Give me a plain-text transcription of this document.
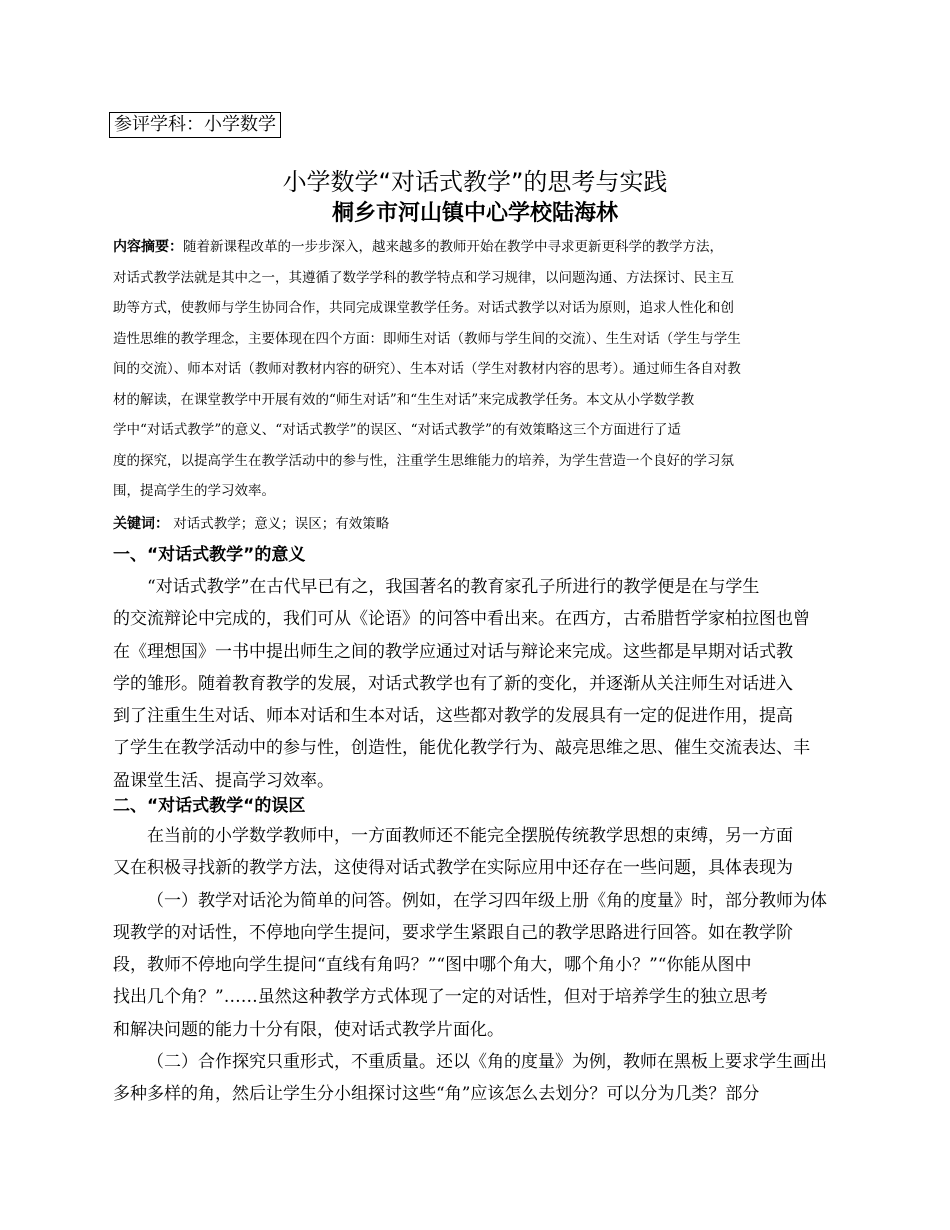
参评学科：小学数学
小学数学“对话式教学”的思考与实践
桐乡市河山镇中心学校陆海林
内容摘要：随着新课程改革的一步步深入，越来越多的教师开始在教学中寻求更新更科学的教学方法，
对话式教学法就是其中之一，其遵循了数学学科的教学特点和学习规律，以问题沟通、方法探讨、民主互
助等方式，使教师与学生协同合作，共同完成课堂教学任务。对话式教学以对话为原则，追求人性化和创
造性思维的教学理念，主要体现在四个方面：即师生对话（教师与学生间的交流）、生生对话（学生与学生
间的交流）、师本对话（教师对教材内容的研究）、生本对话（学生对教材内容的思考）。通过师生各自对教
材的解读，在课堂教学中开展有效的“师生对话”和“生生对话”来完成教学任务。本文从小学数学教
学中“对话式教学”的意义、“对话式教学”的误区、“对话式教学”的有效策略这三个方面进行了适
度的探究，以提高学生在教学活动中的参与性，注重学生思维能力的培养，为学生营造一个良好的学习氛
围，提高学生的学习效率。
关键词： 对话式教学；意义；误区；有效策略
一、“对话式教学”的意义
“对话式教学”在古代早已有之，我国著名的教育家孔子所进行的教学便是在与学生
的交流辩论中完成的，我们可从《论语》的问答中看出来。在西方，古希腊哲学家柏拉图也曾
在《理想国》一书中提出师生之间的教学应通过对话与辩论来完成。这些都是早期对话式教
学的雏形。随着教育教学的发展，对话式教学也有了新的变化，并逐渐从关注师生对话进入
到了注重生生对话、师本对话和生本对话，这些都对教学的发展具有一定的促进作用，提高
了学生在教学活动中的参与性，创造性，能优化教学行为、敲亮思维之思、催生交流表达、丰
盈课堂生活、提高学习效率。
二、“对话式教学“的误区
在当前的小学数学教师中，一方面教师还不能完全摆脱传统教学思想的束缚，另一方面
又在积极寻找新的教学方法，这使得对话式教学在实际应用中还存在一些问题，具体表现为
（一）教学对话沦为简单的问答。例如，在学习四年级上册《角的度量》时，部分教师为体
现教学的对话性，不停地向学生提问，要求学生紧跟自己的教学思路进行回答。如在教学阶
段，教师不停地向学生提问“直线有角吗？”“图中哪个角大，哪个角小？”“你能从图中
找出几个角？”……虽然这种教学方式体现了一定的对话性，但对于培养学生的独立思考
和解决问题的能力十分有限，使对话式教学片面化。
（二）合作探究只重形式，不重质量。还以《角的度量》为例，教师在黑板上要求学生画出
多种多样的角，然后让学生分小组探讨这些“角”应该怎么去划分？可以分为几类？部分
